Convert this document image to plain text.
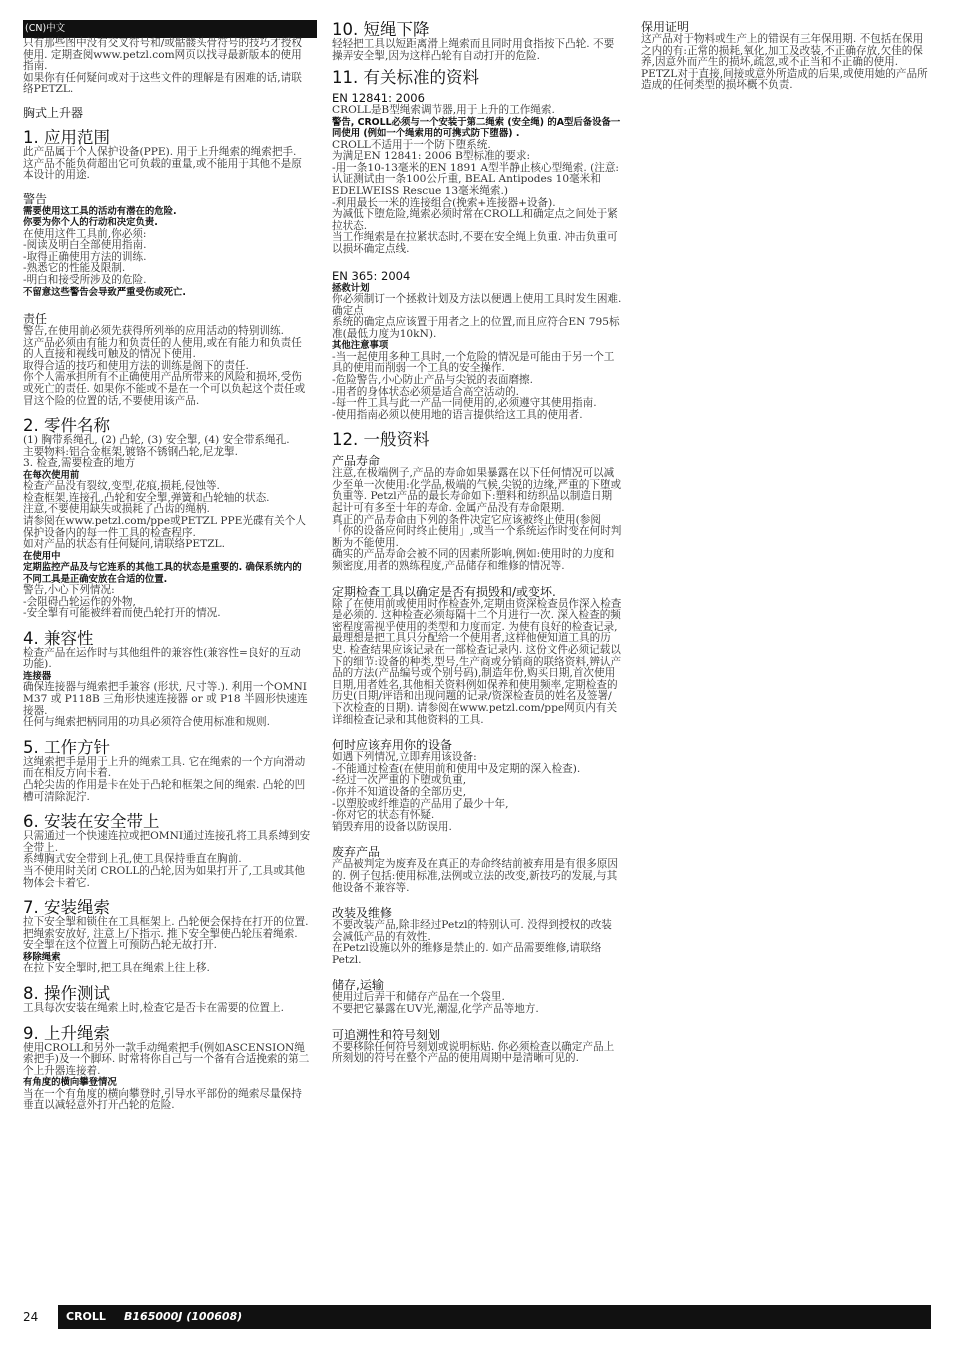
(CN)中文

只有那些图中没有交叉符号和/或骷髅头骨符号的技巧才授权使用. 定期查阅www.petzl.com网页以找寻最新版本的使用指南.
如果你有任何疑问或对于这些文件的理解是有困难的话,请联络PETZL.

胸式上升器

1. 应用范围

此产品属于个人保护设备(PPE). 用于上升绳索的绳索把手.
这产品不能负荷超出它可负载的重量,或不能用于其他不是原本设计的用途.

警告

需要使用这工具的活动有潜在的危险.
你要为你个人的行动和决定负责.

在使用这件工具前,你必须:
-阅读及明白全部使用指南.
-取得正确使用方法的训练.
-熟悉它的性能及限制.
-明白和接受所涉及的危险.

不留意这些警告会导致严重受伤或死亡.

责任

警告,在使用前必须先获得所列举的应用活动的特别训练.
这产品必须由有能力和负责任的人使用,或在有能力和负责任的人直接和视线可触及的情况下使用.
取得合适的技巧和使用方法的训练是阁下的责任.
你个人需承担所有不正确使用产品所带来的风险和损坏,受伤或死亡的责任. 如果你不能或不是在一个可以负起这个责任或冒这个险的位置的话,不要使用该产品.

2. 零件名称

(1) 胸带系绳孔, (2) 凸轮, (3) 安全掣, (4) 安全带系绳孔.
主要物料:铝合金框架,镀铬不锈钢凸轮,尼龙掣.
3. 检查,需要检查的地方

在每次使用前

检查产品没有裂纹,变型,花痕,损耗,侵蚀等.
检查框架,连接孔,凸轮和安全掣,弹簧和凸轮轴的状态.
注意,不要使用缺失或损耗了凸齿的绳柄.
请参阅在www.petzl.com/ppe或PETZL PPE光碟有关个人保护设备内的每一件工具的检查程序.
如对产品的状态有任何疑问,请联络PETZL.

在使用中

定期监控产品及与它连系的其他工具的状态是重要的. 确保系统内的不同工具是正确安放在合适的位置.

警告,小心下列情况:
-会阻碍凸轮运作的外物,
-安全掣有可能被绊着而使凸轮打开的情况.

4. 兼容性

检查产品在运作时与其他组件的兼容性(兼容性=良好的互动功能).

连接器

确保连接器与绳索把手兼容 (形状, 尺寸等.). 利用一个OMNI M37 或 P118B 三角形快速连接器 or 或 P18 半圆形快速连接器.
任何与绳索把柄同用的功具必须符合使用标准和规则.

5. 工作方针

这绳索把手是用于上升的绳索工具. 它在绳索的一个方向滑动而在相反方向卡着.
凸轮尖齿的作用是卡在处于凸轮和框架之间的绳索. 凸轮的凹槽可清除泥泞.

6. 安装在安全带上

只需通过一个快速连拉或把OMNI通过连接孔将工具系缚到安全带上.
系缚胸式安全带到上孔,使工具保持垂直在胸前.
当不使用时关闭 CROLL的凸轮,因为如果打开了,工具或其他物体会卡着它.

7. 安装绳索

拉下安全掣和锁住在工具框架上. 凸轮便会保持在打开的位置.
把绳索安放好, 注意上/下指示. 推下安全掣使凸轮压着绳索. 安全掣在这个位置上可预防凸轮无故打开.

移除绳索

在拉下安全掣时,把工具在绳索上往上移.

8. 操作测试

工具每次安装在绳索上时,检查它是否卡在需要的位置上.

9. 上升绳索

使用CROLL和另外一款手动绳索把手(例如ASCENSION绳索把手)及一个脚环. 时常将你自己与一个备有合适挽索的第二个上升器连接着.

有角度的横向攀登情况

当在一个有角度的横向攀登时,引导水平部份的绳索尽量保持垂直以减轻意外打开凸轮的危险.

10. 短绳下降

轻轻把工具以短距离滑上绳索而且同时用食指按下凸轮. 不要操弄安全掣,因为这样凸轮有自动打开的危险.

11. 有关标准的资料

EN 12841: 2006

CROLL是B型绳索调节器,用于上升的工作绳索.

警告, CROLL必须与一个安装于第二绳索 (安全绳) 的A型后备设备一同使用 (例如一个绳索用的可携式防下堕器) .

CROLL不适用于一个防下堕系统.
为满足EN 12841: 2006 B型标准的要求:
-用一条10-13毫米的EN 1891 A型半静止核心型绳索. (注意: 认证测试由一条100公斤重, BEAL Antipodes 10毫米和EDELWEISS Rescue 13毫米绳索.)
-利用最长一米的连接组合(挽索+连接器+设备).
为减低下堕危险,绳索必须时常在CROLL和确定点之间处于紧拉状态.
当工作绳索是在拉紧状态时,不要在安全绳上负重. 冲击负重可以损坏确定点线.

EN 365: 2004

拯救计划

你必须制订一个拯救计划及方法以便遇上使用工具时发生困难.
确定点
系统的确定点应该置于用者之上的位置,而且应符合EN 795标准(最低力度为10kN).

其他注意事项

-当一起使用多种工具时,一个危险的情况是可能由于另一个工具的使用而削弱一个工具的安全操作.
-危险警告,小心防止产品与尖锐的表面磨擦.
-用者的身体状态必须是适合高空活动的.
-每一件工具与此一产品一同使用的,必须遵守其使用指南.
-使用指南必须以使用地的语言提供给这工具的使用者.

12. 一般资料

产品寿命

注意,在极端例子,产品的寿命如果暴露在以下任何情况可以减少至单一次使用:化学品,极端的气候,尖锐的边缘,严重的下堕或负重等. Petzl产品的最长寿命如下:塑料和纺织品以制造日期起计可有多至十年的寿命. 金属产品没有寿命限期.
真正的产品寿命由下列的条件决定它应该被终止使用(参阅「你的设备应何时终止使用」,或当一个系统运作时变在何时判断为不能使用.
确实的产品寿命会被不同的因素所影响,例如:使用时的力度和频密度,用者的熟练程度,产品储存和维修的情况等.

定期检查工具以确定是否有损毁和/或变坏.

除了在使用前或使用时作检查外,定期由资深检查员作深入检查是必须的. 这种检查必须每隔十二个月进行一次. 深入检查的频密程度需视乎使用的类型和力度而定. 为使有良好的检查记录,最理想是把工具只分配给一个使用者,这样他便知道工具的历史. 检查结果应该记录在一部检查记录内. 这份文件必须记载以下的细节:设备的种类,型号,生产商或分销商的联络资料,辨认产品的方法(产品编号或个别号码),制造年份,购买日期,首次使用日期,用者姓名,其他相关资料例如保养和使用频率,定期检查的历史(日期/评语和出现问题的记录/资深检查员的姓名及签署/下次检查的日期). 请参阅在www.petzl.com/ppe网页内有关详细检查记录和其他资料的工具.

何时应该弃用你的设备

如遇下列情况,立即弃用该设备:
-不能通过检查(在使用前和使用中及定期的深入检查).
-经过一次严重的下堕或负重,
-你并不知道设备的全部历史,
-以塑胶或纤维造的产品用了最少十年,
-你对它的状态有怀疑.
销毁弃用的设备以防误用.

废弃产品

产品被判定为废弃及在真正的寿命终结前被弃用是有很多原因的. 例子包括:使用标准,法例或立法的改变,新技巧的发展,与其他设备不兼容等.

改装及维修

不要改装产品,除非经过Petzl的特别认可. 没得到授权的改装会减低产品的有效性.
在Petzl设施以外的维修是禁止的. 如产品需要维修,请联络Petzl.

储存,运输

使用过后弄干和储存产品在一个袋里.
不要把它暴露在UV光,潮湿,化学产品等地方.

可追溯性和符号刻划

不要移除任何符号刻划或说明标贴. 你必须检查以确定产品上所刻划的符号在整个产品的使用周期中是清晰可见的.

保用证明

这产品对于物料或生产上的错误有三年保用期. 不包括在保用之内的有:正常的损耗,氧化,加工及改装,不正确存放,欠佳的保养,因意外而产生的损坏,疏忽,或不正当和不正确的使用.
PETZL对于直接,间接或意外所造成的后果,或使用她的产品所造成的任何类型的损坏概不负责.

24	CROLL B165000J (100608)
